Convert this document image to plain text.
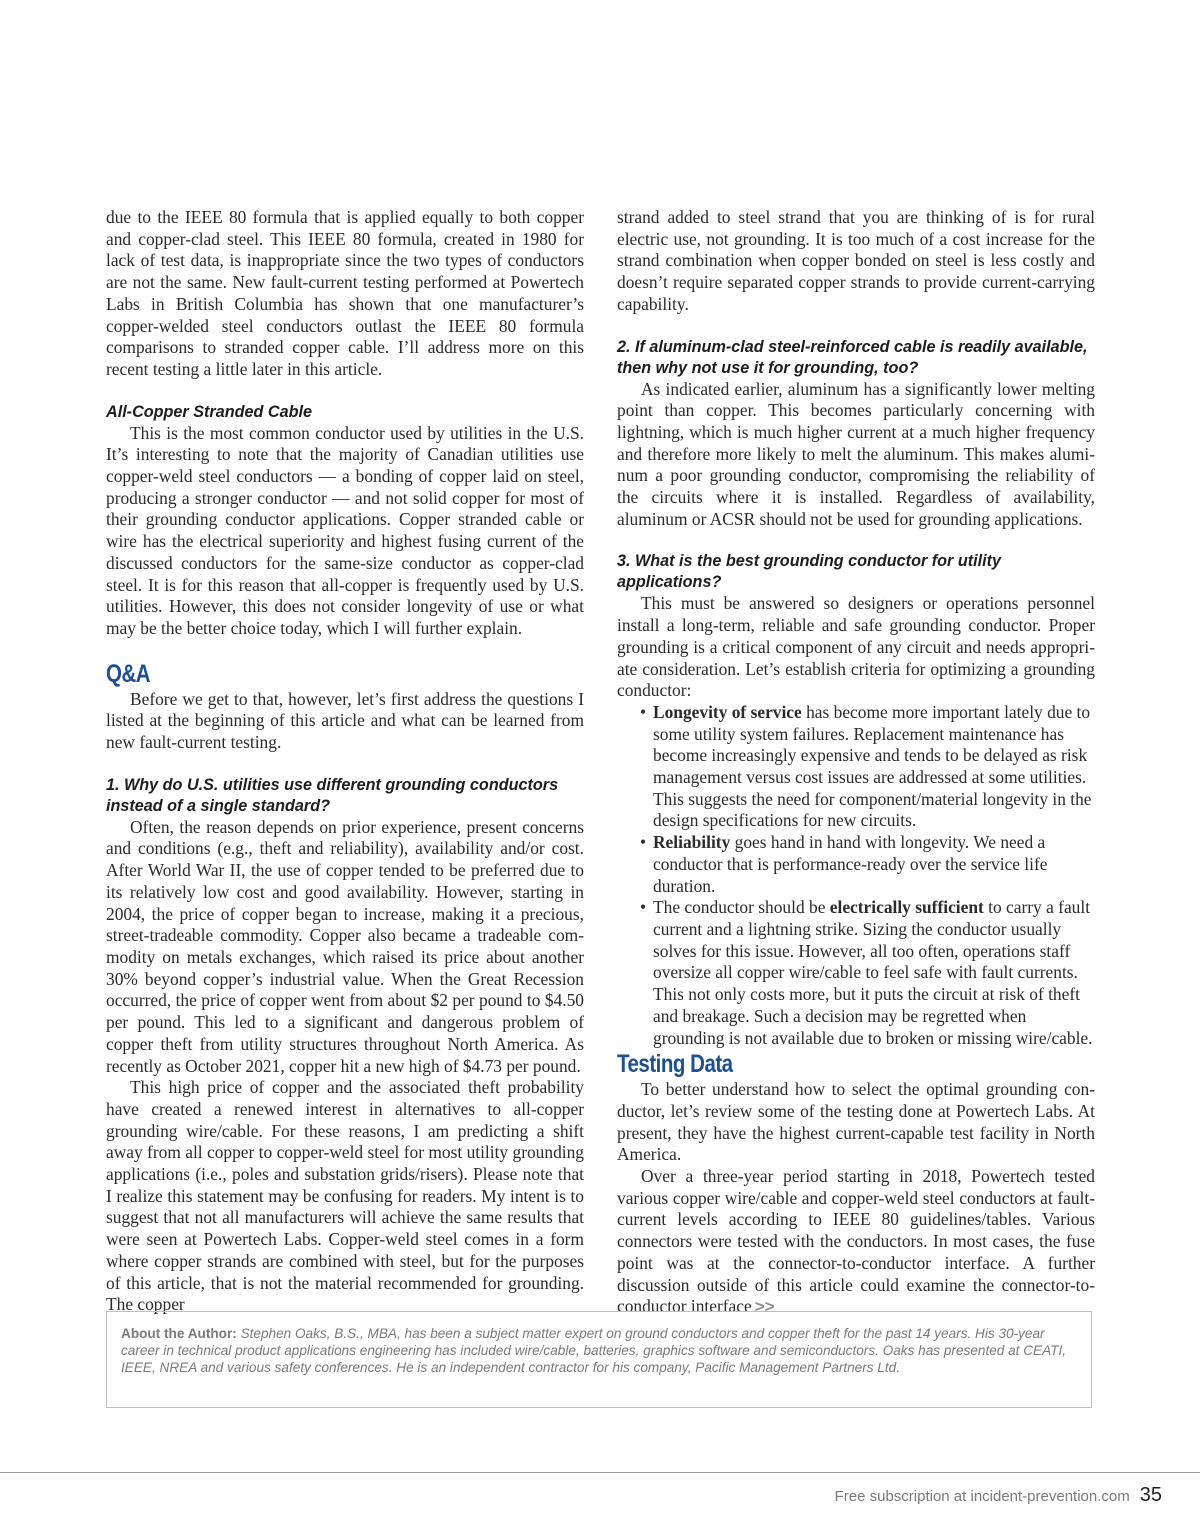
due to the IEEE 80 formula that is applied equally to both copper and copper-clad steel. This IEEE 80 formula, created in 1980 for lack of test data, is inappropriate since the two types of conductors are not the same. New fault-current testing performed at Powertech Labs in British Columbia has shown that one manufacturer’s copper-welded steel conductors outlast the IEEE 80 formula comparisons to stranded copper cable. I’ll address more on this recent testing a little later in this article.

All-Copper Stranded Cable

This is the most common conductor used by utilities in the U.S. It’s interesting to note that the majority of Canadian utilities use copper-weld steel conductors — a bonding of copper laid on steel, producing a stronger conductor — and not solid copper for most of their grounding conductor applications. Copper stranded cable or wire has the electrical superiority and highest fusing current of the discussed conductors for the same-size conductor as copper-clad steel. It is for this reason that all-copper is frequently used by U.S. utilities. However, this does not consider longevity of use or what may be the better choice today, which I will further explain.

Q&A

Before we get to that, however, let’s first address the questions I listed at the beginning of this article and what can be learned from new fault-current testing.

1. Why do U.S. utilities use different grounding conductors instead of a single standard?

Often, the reason depends on prior experience, present concerns and conditions (e.g., theft and reliability), availability and/or cost. After World War II, the use of copper tended to be preferred due to its relatively low cost and good availability. However, starting in 2004, the price of copper began to increase, making it a precious, street-tradeable commodity. Copper also became a tradeable commodity on metals exchanges, which raised its price about another 30% beyond copper’s industrial value. When the Great Recession occurred, the price of copper went from about $2 per pound to $4.50 per pound. This led to a significant and dangerous problem of copper theft from utility structures throughout North America. As recently as October 2021, copper hit a new high of $4.73 per pound.

This high price of copper and the associated theft probability have created a renewed interest in alternatives to all-copper grounding wire/cable. For these reasons, I am predicting a shift away from all copper to copper-weld steel for most utility grounding applications (i.e., poles and substation grids/risers). Please note that I realize this statement may be confusing for readers. My intent is to suggest that not all manufacturers will achieve the same results that were seen at Powertech Labs. Copper-weld steel comes in a form where copper strands are combined with steel, but for the purposes of this article, that is not the material recommended for grounding. The copper

strand added to steel strand that you are thinking of is for rural electric use, not grounding. It is too much of a cost increase for the strand combination when copper bonded on steel is less costly and doesn’t require separated copper strands to provide current-carrying capability.

2. If aluminum-clad steel-reinforced cable is readily available, then why not use it for grounding, too?

As indicated earlier, aluminum has a significantly lower melting point than copper. This becomes particularly concerning with lightning, which is much higher current at a much higher frequency and therefore more likely to melt the aluminum. This makes aluminum a poor grounding conductor, compromising the reliability of the circuits where it is installed. Regardless of availability, aluminum or ACSR should not be used for grounding applications.

3. What is the best grounding conductor for utility applications?

This must be answered so designers or operations personnel install a long-term, reliable and safe grounding conductor. Proper grounding is a critical component of any circuit and needs appropriate consideration. Let’s establish criteria for optimizing a grounding conductor:

• Longevity of service has become more important lately due to some utility system failures. Replacement maintenance has become increasingly expensive and tends to be delayed as risk management versus cost issues are addressed at some utilities. This suggests the need for component/material longevity in the design specifications for new circuits.
• Reliability goes hand in hand with longevity. We need a conductor that is performance-ready over the service life duration.
• The conductor should be electrically sufficient to carry a fault current and a lightning strike. Sizing the conductor usually solves for this issue. However, all too often, operations staff oversize all copper wire/cable to feel safe with fault currents. This not only costs more, but it puts the circuit at risk of theft and breakage. Such a decision may be regretted when grounding is not available due to broken or missing wire/cable.
Testing Data

To better understand how to select the optimal grounding conductor, let’s review some of the testing done at Powertech Labs. At present, they have the highest current-capable test facility in North America.

Over a three-year period starting in 2018, Powertech tested various copper wire/cable and copper-weld steel conductors at fault-current levels according to IEEE 80 guidelines/tables. Various connectors were tested with the conductors. In most cases, the fuse point was at the connector-to-conductor interface. A further discussion outside of this article could examine the connector-to-conductor interface >>

About the Author: Stephen Oaks, B.S., MBA, has been a subject matter expert on ground conductors and copper theft for the past 14 years. His 30-year career in technical product applications engineering has included wire/cable, batteries, graphics software and semiconductors. Oaks has presented at CEATI, IEEE, NREA and various safety conferences. He is an independent contractor for his company, Pacific Management Partners Ltd.
Free subscription at incident-prevention.com 35
